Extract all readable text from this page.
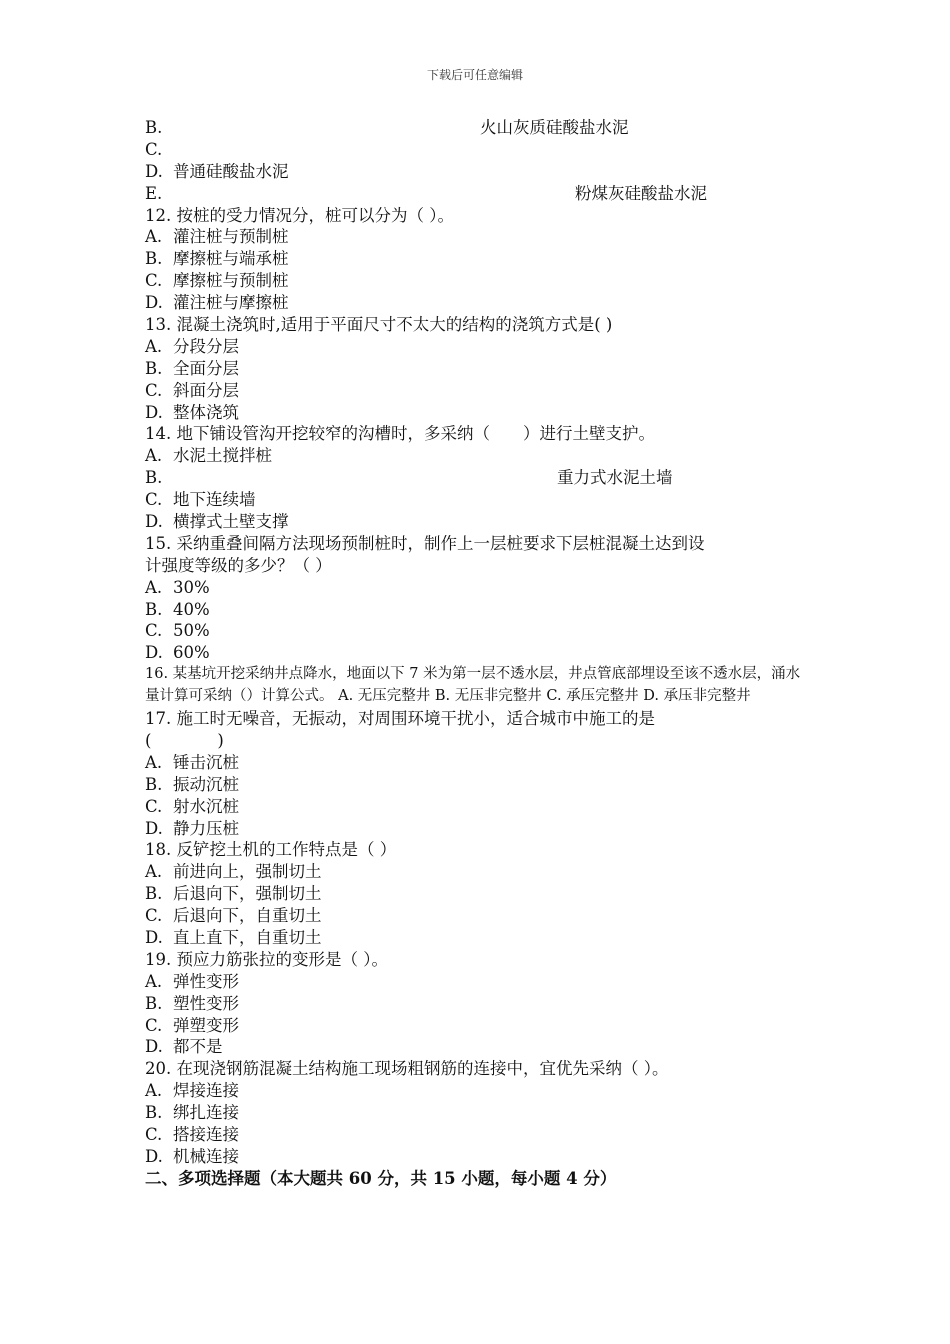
下载后可任意编辑
B.	火山灰质硅酸盐水泥
C.
D. 普通硅酸盐水泥
E.	粉煤灰硅酸盐水泥
12. 按桩的受力情况分，桩可以分为（ ）。
A. 灌注桩与预制桩
B. 摩擦桩与端承桩
C. 摩擦桩与预制桩
D. 灌注桩与摩擦桩
13. 混凝土浇筑时,适用于平面尺寸不太大的结构的浇筑方式是( )
A. 分段分层
B. 全面分层
C. 斜面分层
D. 整体浇筑
14. 地下铺设管沟开挖较窄的沟槽时，多采纳（　　）进行土壁支护。
A. 水泥土搅拌桩
B.	重力式水泥土墙
C. 地下连续墙
D. 横撑式土壁支撑
15. 采纳重叠间隔方法现场预制桩时，制作上一层桩要求下层桩混凝土达到设
计强度等级的多少？（ ）
A. 30%
B. 40%
C. 50%
D. 60%
16. 某基坑开挖采纳井点降水，地面以下 7 米为第一层不透水层，井点管底部埋设至该不透水层，涌水量计算可采纳（）计算公式。 A. 无压完整井 B. 无压非完整井 C. 承压完整井 D. 承压非完整井
17. 施工时无噪音，无振动，对周围环境干扰小，适合城市中施工的是
(　　　　)
A. 锤击沉桩
B. 振动沉桩
C. 射水沉桩
D. 静力压桩
18. 反铲挖土机的工作特点是（ ）
A. 前进向上，强制切土
B. 后退向下，强制切土
C. 后退向下，自重切土
D. 直上直下，自重切土
19. 预应力筋张拉的变形是（ ）。
A. 弹性变形
B. 塑性变形
C. 弹塑变形
D. 都不是
20. 在现浇钢筋混凝土结构施工现场粗钢筋的连接中，宜优先采纳（ ）。
A. 焊接连接
B. 绑扎连接
C. 搭接连接
D. 机械连接
二、多项选择题（本大题共 60 分，共 15 小题，每小题 4 分）
